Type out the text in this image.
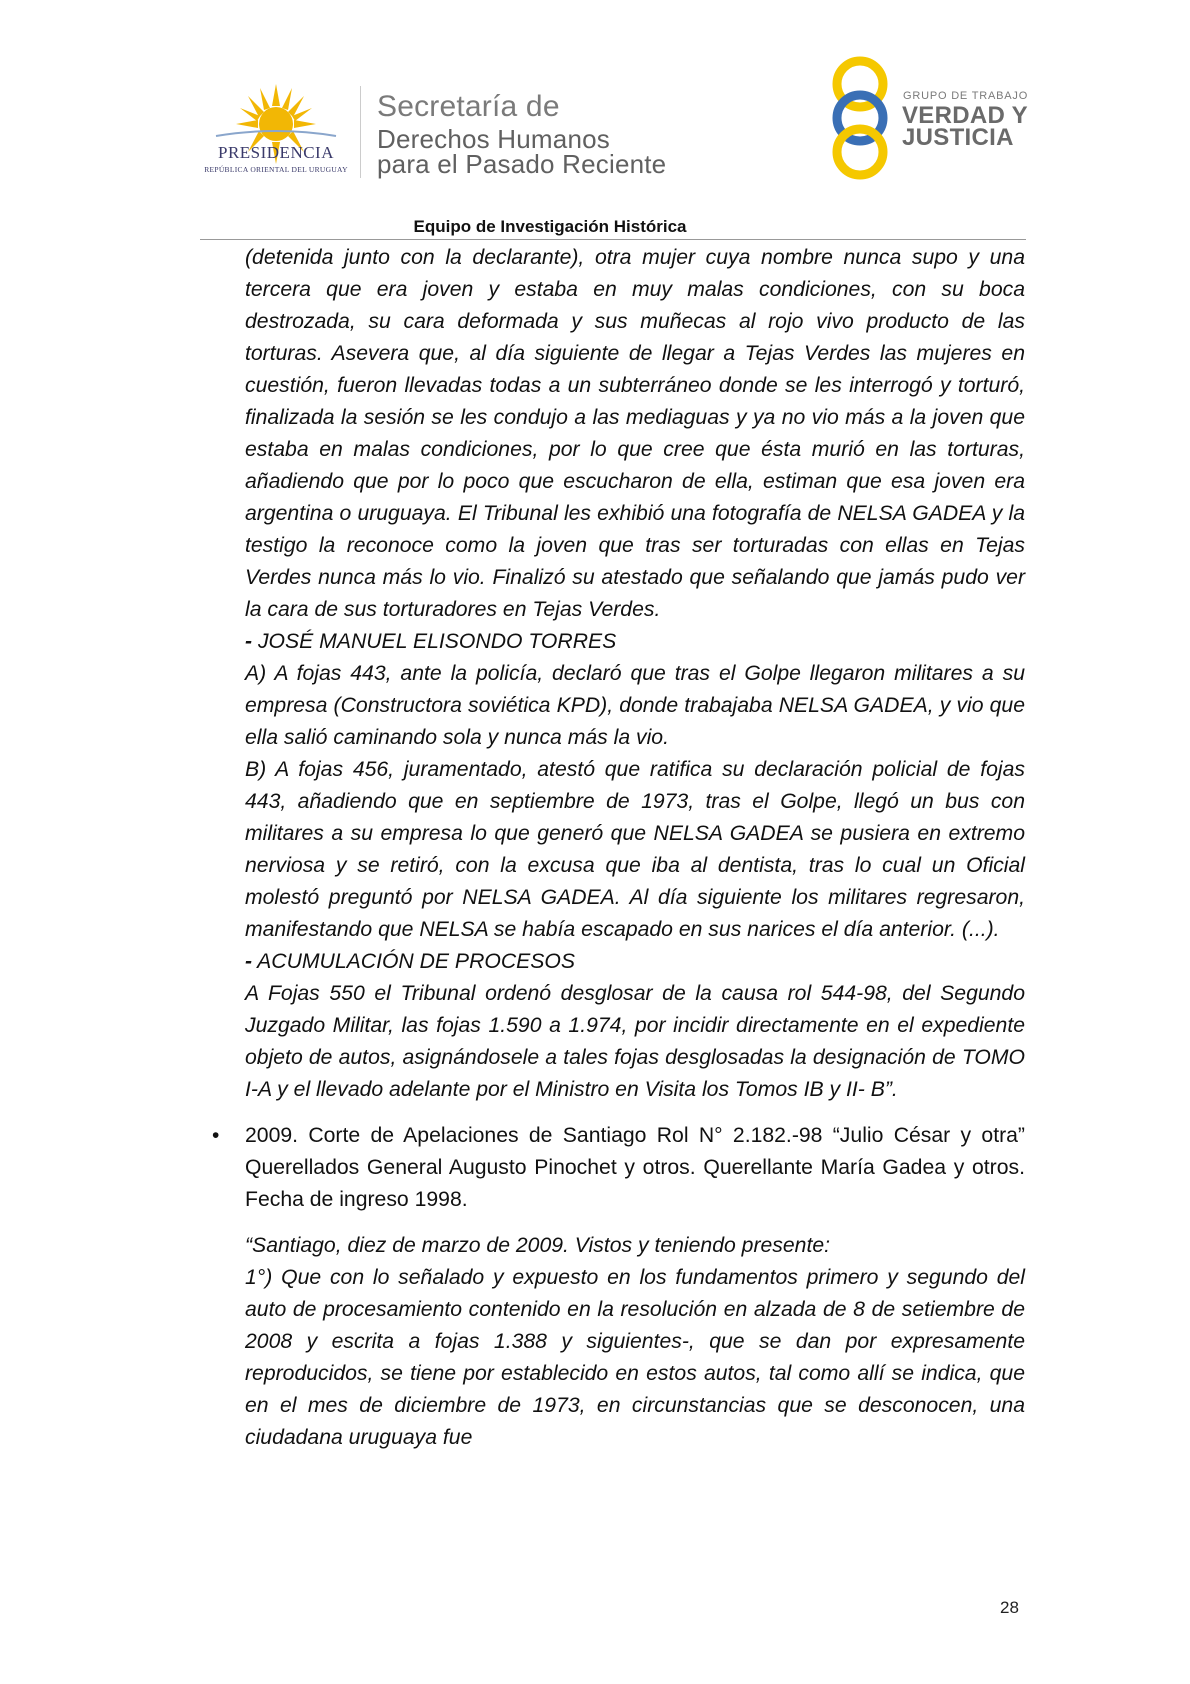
PRESIDENCIA
REPÚBLICA ORIENTAL DEL URUGUAY
Secretaría de
Derechos Humanos
para el Pasado Reciente
GRUPO DE TRABAJO
VERDAD Y
JUSTICIA
Equipo de Investigación Histórica

(detenida junto con la declarante), otra mujer cuya nombre nunca supo y una tercera que era joven y estaba en muy malas condiciones, con su boca destrozada, su cara deformada y sus muñecas al rojo vivo producto de las torturas. Asevera que, al día siguiente de llegar a Tejas Verdes las mujeres en cuestión, fueron llevadas todas a un subterráneo donde se les interrogó y torturó, finalizada la sesión se les condujo a las mediaguas y ya no vio más a la joven que estaba en malas condiciones, por lo que cree que ésta murió en las torturas, añadiendo que por lo poco que escucharon de ella, estiman que esa joven era argentina o uruguaya. El Tribunal les exhibió una fotografía de NELSA GADEA y la testigo la reconoce como la joven que tras ser torturadas con ellas en Tejas Verdes nunca más lo vio. Finalizó su atestado que señalando que jamás pudo ver la cara de sus torturadores en Tejas Verdes.

- JOSÉ MANUEL ELISONDO TORRES

A) A fojas 443, ante la policía, declaró que tras el Golpe llegaron militares a su empresa (Constructora soviética KPD), donde trabajaba NELSA GADEA, y vio que ella salió caminando sola y nunca más la vio.

B) A fojas 456, juramentado, atestó que ratifica su declaración policial de fojas 443, añadiendo que en septiembre de 1973, tras el Golpe, llegó un bus con militares a su empresa lo que generó que NELSA GADEA se pusiera en extremo nerviosa y se retiró, con la excusa que iba al dentista, tras lo cual un Oficial molestó preguntó por NELSA GADEA. Al día siguiente los militares regresaron, manifestando que NELSA se había escapado en sus narices el día anterior. (...).

- ACUMULACIÓN DE PROCESOS

A Fojas 550 el Tribunal ordenó desglosar de la causa rol 544-98, del Segundo Juzgado Militar, las fojas 1.590 a 1.974, por incidir directamente en el expediente objeto de autos, asignándosele a tales fojas desglosadas la designación de TOMO I-A y el llevado adelante por el Ministro en Visita los Tomos IB y II- B”.

• 2009. Corte de Apelaciones de Santiago Rol N° 2.182.-98 “Julio César y otra” Querellados General Augusto Pinochet y otros. Querellante María Gadea y otros. Fecha de ingreso 1998.

“Santiago, diez de marzo de 2009. Vistos y teniendo presente:

1°) Que con lo señalado y expuesto en los fundamentos primero y segundo del auto de procesamiento contenido en la resolución en alzada de 8 de setiembre de 2008 y escrita a fojas 1.388 y siguientes-, que se dan por expresamente reproducidos, se tiene por establecido en estos autos, tal como allí se indica, que en el mes de diciembre de 1973, en circunstancias que se desconocen, una ciudadana uruguaya fue

28
